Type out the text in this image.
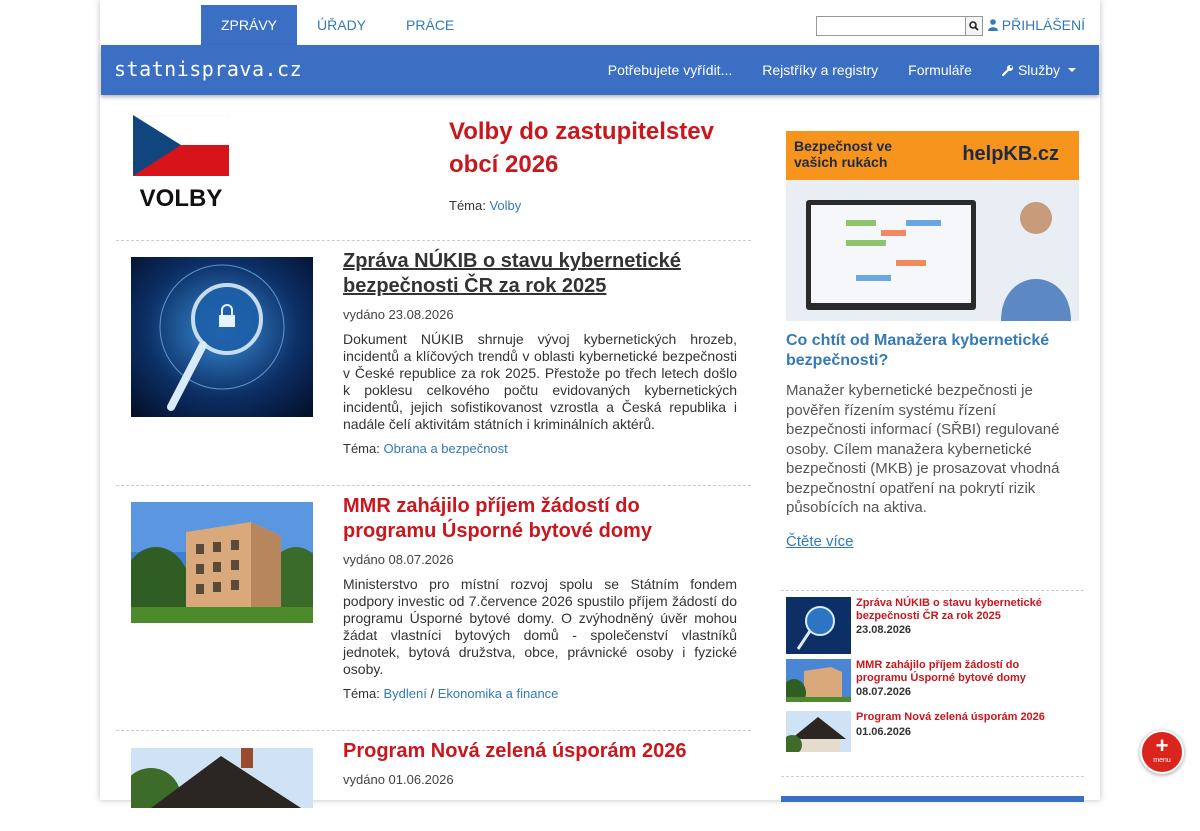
ZPRÁVY	ÚŘADY	PRÁCE	PŘIHLÁŠENÍ
statnisprava.cz	Potřebujete vyřídit...	Rejstříky a registry	Formuláře	Služby
VOLBY
Volby do zastupitelstev obcí 2026
Téma: Volby
Zpráva NÚKIB o stavu kybernetické bezpečnosti ČR za rok 2025
vydáno 23.08.2026
Dokument NÚKIB shrnuje vývoj kybernetických hrozeb, incidentů a klíčových trendů v oblasti kybernetické bezpečnosti v České republice za rok 2025. Přestože po třech letech došlo k poklesu celkového počtu evidovaných kybernetických incidentů, jejich sofistikovanost vzrostla a Česká republika i nadále čelí aktivitám státních i kriminálních aktérů.
Téma: Obrana a bezpečnost
MMR zahájilo příjem žádostí do programu Úsporné bytové domy
vydáno 08.07.2026
Ministerstvo pro místní rozvoj spolu se Státním fondem podpory investic od 7.července 2026 spustilo příjem žádostí do programu Úsporné bytové domy. O zvýhodněný úvěr mohou žádat vlastníci bytových domů - společenství vlastníků jednotek, bytová družstva, obce, právnické osoby i fyzické osoby.
Téma: Bydlení / Ekonomika a finance
Program Nová zelená úsporám 2026
vydáno 01.06.2026
Bezpečnost ve vašich rukách	helpKB.cz
Co chtít od Manažera kybernetické bezpečnosti?

Manažer kybernetické bezpečnosti je pověřen řízením systému řízení bezpečnosti informací (SŘBI) regulované osoby. Cílem manažera kybernetické bezpečnosti (MKB) je prosazovat vhodná bezpečnostní opatření na pokrytí rizik působících na aktiva.

Čtěte více
Zpráva NÚKIB o stavu kybernetické bezpečnosti ČR za rok 2025
23.08.2026
MMR zahájilo příjem žádostí do programu Úsporné bytové domy
08.07.2026
Program Nová zelená úsporám 2026
01.06.2026
+
menu
